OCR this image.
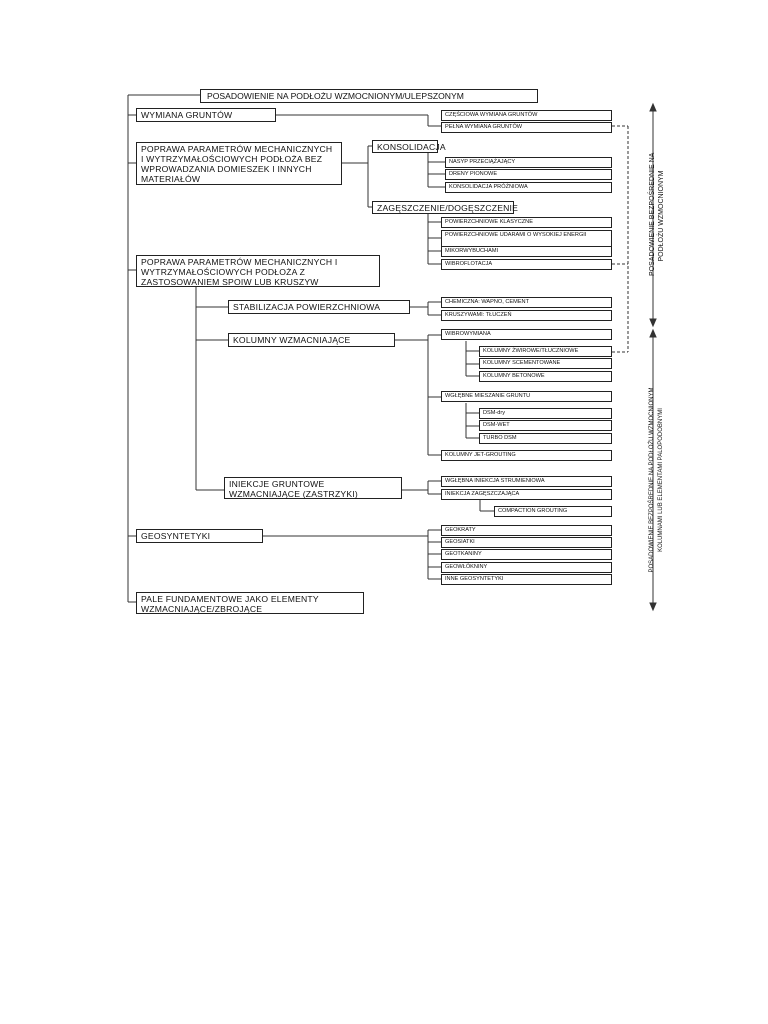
POSADOWIENIE NA PODŁOŻU WZMOCNIONYM/ULEPSZONYM
WYMIANA GRUNTÓW	CZĘŚCIOWA WYMIANA GRUNTÓW
PEŁNA WYMIANA GRUNTÓW
POPRAWA PARAMETRÓW MECHANICZNYCH I WYTRZYMAŁOŚCIOWYCH PODŁOŻA BEZ WPROWADZANIA DOMIESZEK I INNYCH MATERIAŁÓW
KONSOLIDACJA
NASYP PRZECIĄŻAJĄCY
DRENY PIONOWE
KONSOLIDACJA PRÓŻNIOWA
ZAGĘSZCZENIE/DOGĘSZCZENIE
POWIERZCHNIOWE KLASYCZNE
POWIERZCHNIOWE UDARAMI O WYSOKIEJ ENERGII
MIKORWYBUCHAMI
WIBROFLOTACJA
POPRAWA PARAMETRÓW MECHANICZNYCH I WYTRZYMAŁOŚCIOWYCH PODŁOŻA Z ZASTOSOWANIEM SPOIW LUB KRUSZYW
STABILIZACJA POWIERZCHNIOWA	CHEMICZNA: WAPNO, CEMENT
KRUSZYWAMI: TŁUCZEŃ
KOLUMNY WZMACNIAJĄCE
WIBROWYMIANA
KOLUMNY ŻWIROWE/TŁUCZNIOWE
KOLUMNY SCEMENTOWANE
KOLUMNY BETONOWE
WGŁĘBNE MIESZANIE GRUNTU
DSM-dry
DSM-WET
TURBO DSM
KOLUMNY JET-GROUTING
INIEKCJE GRUNTOWE WZMACNIAJĄCE (ZASTRZYKI)
WGŁĘBNA INIEKCJA STRUMIENIOWA
INIEKCJA ZAGĘSZCZAJĄCA
COMPACTION GROUTING
GEOSYNTETYKI
GEOKRATY
GEOSIATKI
GEOTKANINY
GEOWŁÓKNINY
INNE GEOSYNTETYKI
PALE FUNDAMENTOWE JAKO ELEMENTY WZMACNIAJĄCE/ZBROJĄCE
POSADOWIENIE BEZPOŚREDNIE NA PODŁOŻU WZMOCNIONYM
POSADOWIENIE BEZPOŚREDNIE NA PODŁOŻU WZMOCNIONYM KOLUMNAMI LUB ELEMENTAMI PALOPODOBNYMI
